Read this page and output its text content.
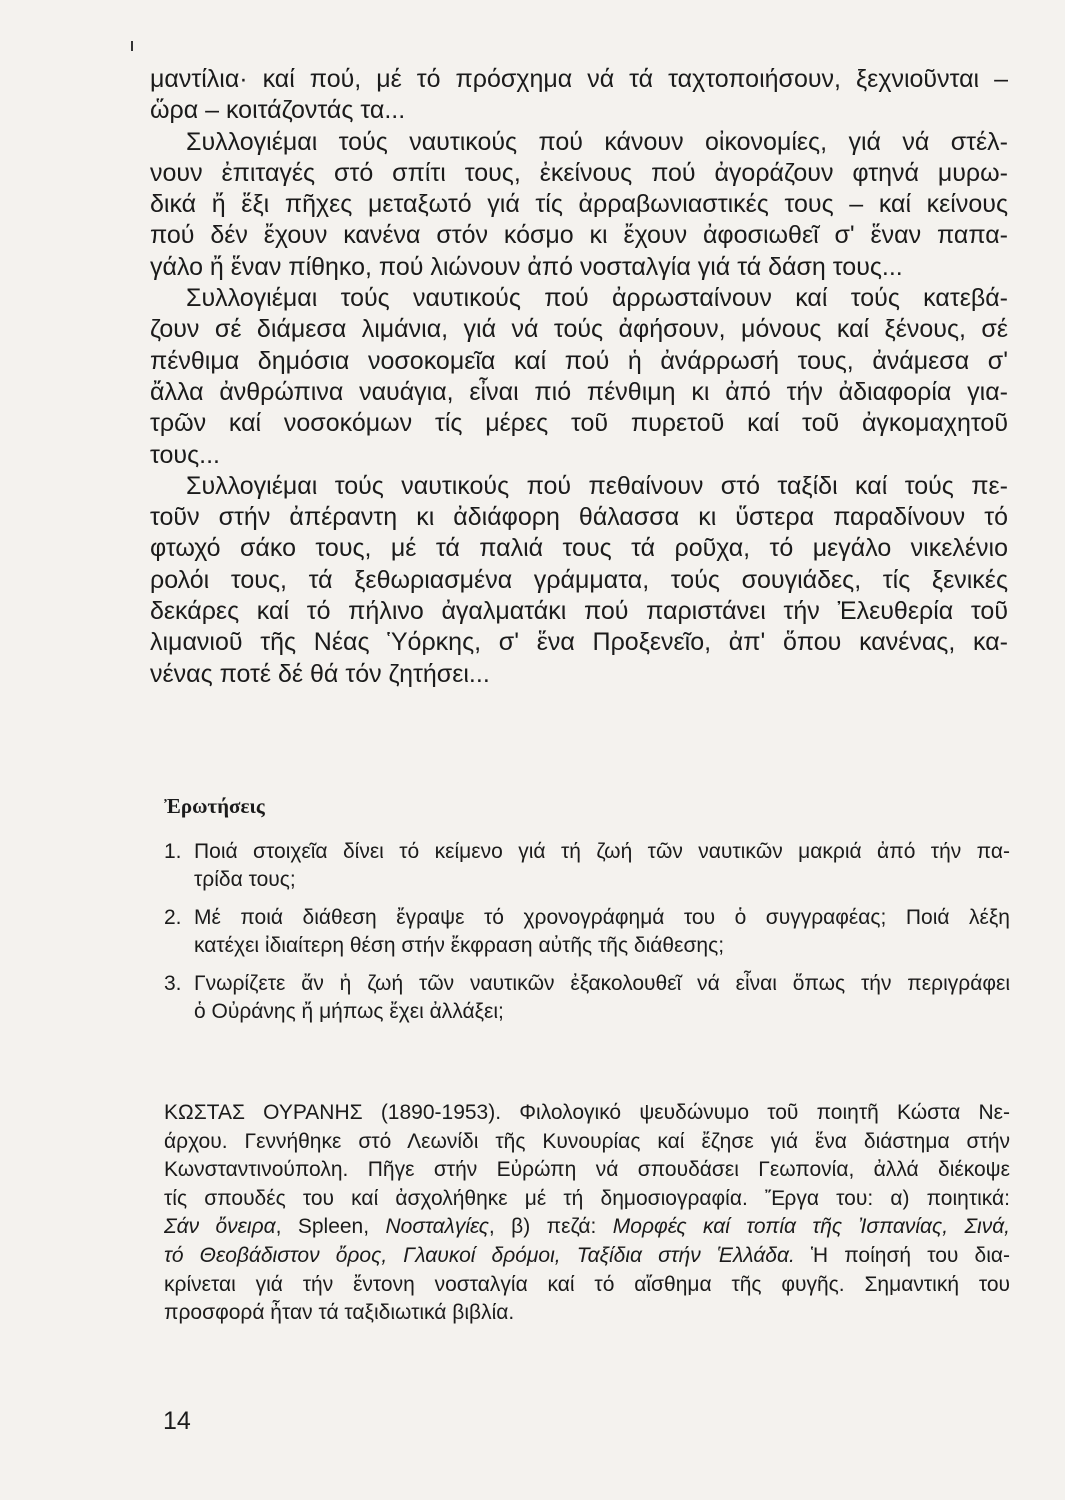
μαντίλια· καί πού, μέ τό πρόσχημα νά τά ταχτοποιήσουν, ξεχνιοῦνται –
ὥρα – κοιτάζοντάς τα...
Συλλογιέμαι τούς ναυτικούς πού κάνουν οἰκονομίες, γιά νά στέλ-
νουν ἐπιταγές στό σπίτι τους, ἐκείνους πού ἀγοράζουν φτηνά μυρω-
δικά ἤ ἕξι πῆχες μεταξωτό γιά τίς ἀρραβωνιαστικές τους – καί κείνους
πού δέν ἔχουν κανένα στόν κόσμο κι ἔχουν ἀφοσιωθεῖ σ' ἕναν παπα-
γάλο ἤ ἕναν πίθηκο, πού λιώνουν ἀπό νοσταλγία γιά τά δάση τους...
Συλλογιέμαι τούς ναυτικούς πού ἀρρωσταίνουν καί τούς κατεβά-
ζουν σέ διάμεσα λιμάνια, γιά νά τούς ἀφήσουν, μόνους καί ξένους, σέ
πένθιμα δημόσια νοσοκομεῖα καί πού ἡ ἀνάρρωσή τους, ἀνάμεσα σ'
ἄλλα ἀνθρώπινα ναυάγια, εἶναι πιό πένθιμη κι ἀπό τήν ἀδιαφορία για-
τρῶν καί νοσοκόμων τίς μέρες τοῦ πυρετοῦ καί τοῦ ἀγκομαχητοῦ
τους...
Συλλογιέμαι τούς ναυτικούς πού πεθαίνουν στό ταξίδι καί τούς πε-
τοῦν στήν ἀπέραντη κι ἀδιάφορη θάλασσα κι ὕστερα παραδίνουν τό
φτωχό σάκο τους, μέ τά παλιά τους τά ροῦχα, τό μεγάλο νικελένιο
ρολόι τους, τά ξεθωριασμένα γράμματα, τούς σουγιάδες, τίς ξενικές
δεκάρες καί τό πήλινο ἀγαλματάκι πού παριστάνει τήν Ἐλευθερία τοῦ
λιμανιοῦ τῆς Νέας Ὑόρκης, σ' ἕνα Προξενεῖο, ἀπ' ὅπου κανένας, κα-
νένας ποτέ δέ θά τόν ζητήσει...
Ἐρωτήσεις
1. Ποιά στοιχεῖα δίνει τό κείμενο γιά τή ζωή τῶν ναυτικῶν μακριά ἀπό τήν πα-
τρίδα τους;
2. Μέ ποιά διάθεση ἔγραψε τό χρονογράφημά του ὁ συγγραφέας; Ποιά λέξη
κατέχει ἰδιαίτερη θέση στήν ἔκφραση αὐτῆς τῆς διάθεσης;
3. Γνωρίζετε ἄν ἡ ζωή τῶν ναυτικῶν ἐξακολουθεῖ νά εἶναι ὅπως τήν περιγράφει
ὁ Οὐράνης ἤ μήπως ἔχει ἀλλάξει;
ΚΩΣΤΑΣ ΟΥΡΑΝΗΣ (1890-1953). Φιλολογικό ψευδώνυμο τοῦ ποιητῆ Κώστα Νε-
άρχου. Γεννήθηκε στό Λεωνίδι τῆς Κυνουρίας καί ἔζησε γιά ἕνα διάστημα στήν
Κωνσταντινούπολη. Πῆγε στήν Εὐρώπη νά σπουδάσει Γεωπονία, ἀλλά διέκοψε
τίς σπουδές του καί ἀσχολήθηκε μέ τή δημοσιογραφία. Ἔργα του: α) ποιητικά:
Σάν ὄνειρα, Spleen, Νοσταλγίες, β) πεζά: Μορφές καί τοπία τῆς Ἰσπανίας, Σινά,
τό Θεοβάδιστον ὄρος, Γλαυκοί δρόμοι, Ταξίδια στήν Ἑλλάδα. Ἡ ποίησή του δια-
κρίνεται γιά τήν ἔντονη νοσταλγία καί τό αἴσθημα τῆς φυγῆς. Σημαντική του
προσφορά ἦταν τά ταξιδιωτικά βιβλία.
14
